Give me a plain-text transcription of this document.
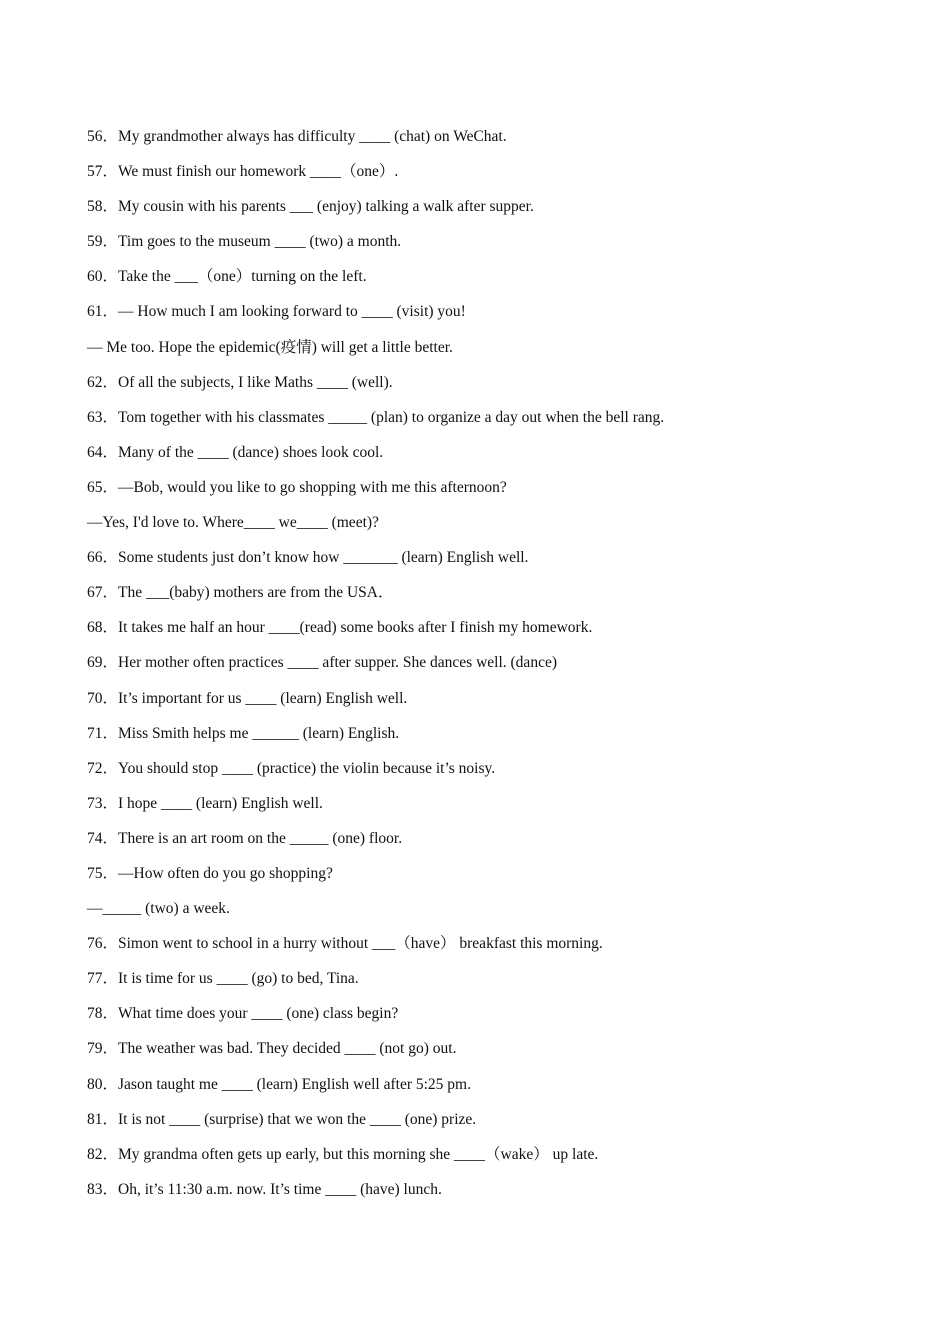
56．My grandmother always has difficulty ____ (chat) on WeChat.
57．We must finish our homework ____（one）.
58．My cousin with his parents ___ (enjoy) talking a walk after supper.
59．Tim goes to the museum ____ (two) a month.
60．Take the ___（one）turning on the left.
61．— How much I am looking forward to ____ (visit) you!
— Me too. Hope the epidemic(疫情) will get a little better.
62．Of all the subjects, I like Maths ____ (well).
63．Tom together with his classmates _____ (plan) to organize a day out when the bell rang.
64．Many of the ____ (dance) shoes look cool.
65．—Bob, would you like to go shopping with me this afternoon?
—Yes, I'd love to. Where____ we____ (meet)?
66．Some students just don’t know how _______ (learn) English well.
67．The ___(baby) mothers are from the USA．
68．It takes me half an hour ____(read) some books after I finish my homework.
69．Her mother often practices ____ after supper. She dances well. (dance)
70．It’s important for us ____ (learn) English well.
71．Miss Smith helps me ______ (learn) English.
72．You should stop ____ (practice) the violin because it’s noisy.
73．I hope ____ (learn) English well.
74．There is an art room on the _____ (one) floor.
75．—How often do you go shopping?
—_____ (two) a week.
76．Simon went to school in a hurry without ___（have） breakfast this morning.
77．It is time for us ____ (go) to bed, Tina.
78．What time does your ____ (one) class begin?
79．The weather was bad. They decided ____ (not go) out.
80．Jason taught me ____ (learn) English well after 5:25 pm.
81．It is not ____ (surprise) that we won the ____ (one) prize.
82．My grandma often gets up early, but this morning she ____（wake） up late.
83．Oh, it’s 11:30 a.m. now. It’s time ____ (have) lunch.
